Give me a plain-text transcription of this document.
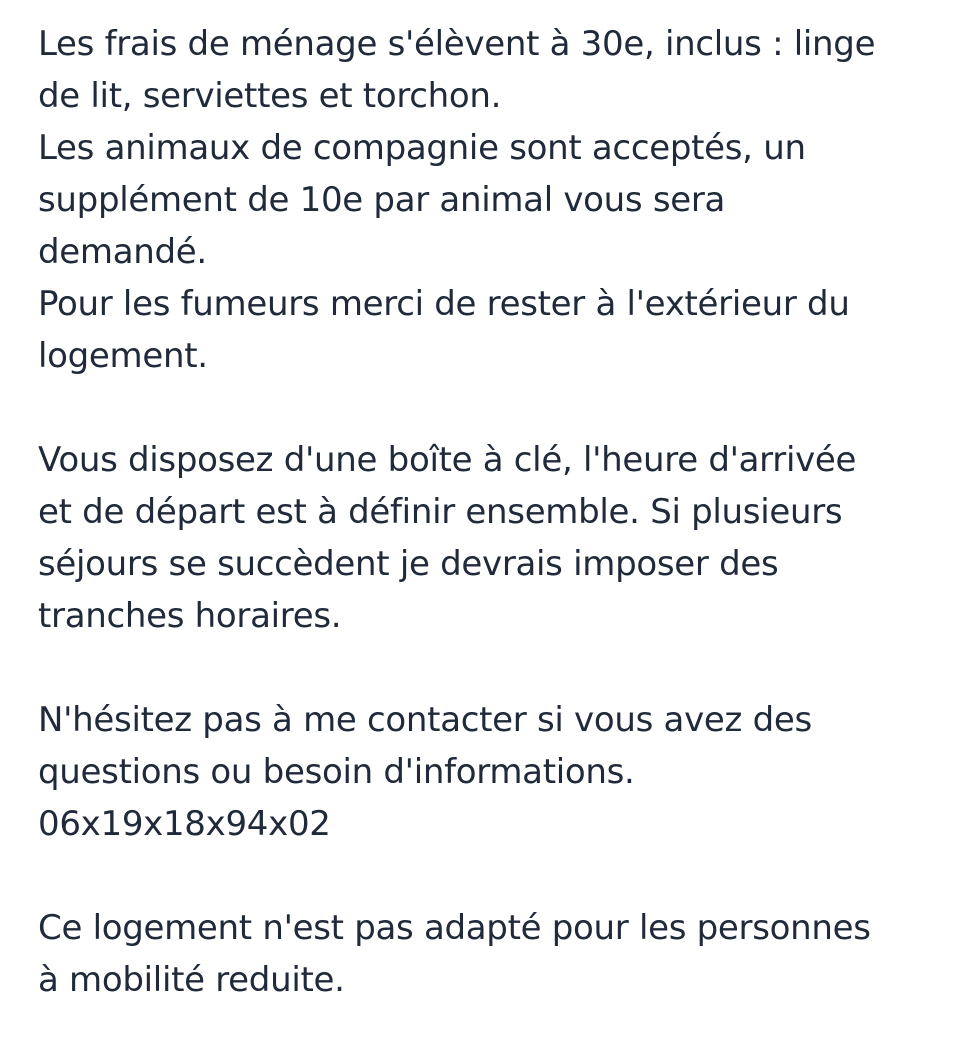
Les frais de ménage s'élèvent à 30e, inclus : linge
de lit, serviettes et torchon.
Les animaux de compagnie sont acceptés, un
supplément de 10e par animal vous sera
demandé.
Pour les fumeurs merci de rester à l'extérieur du
logement.
Vous disposez d'une boîte à clé, l'heure d'arrivée
et de départ est à définir ensemble. Si plusieurs
séjours se succèdent je devrais imposer des
tranches horaires.
N'hésitez pas à me contacter si vous avez des
questions ou besoin d'informations.
06x19x18x94x02
Ce logement n'est pas adapté pour les personnes
à mobilité reduite.
